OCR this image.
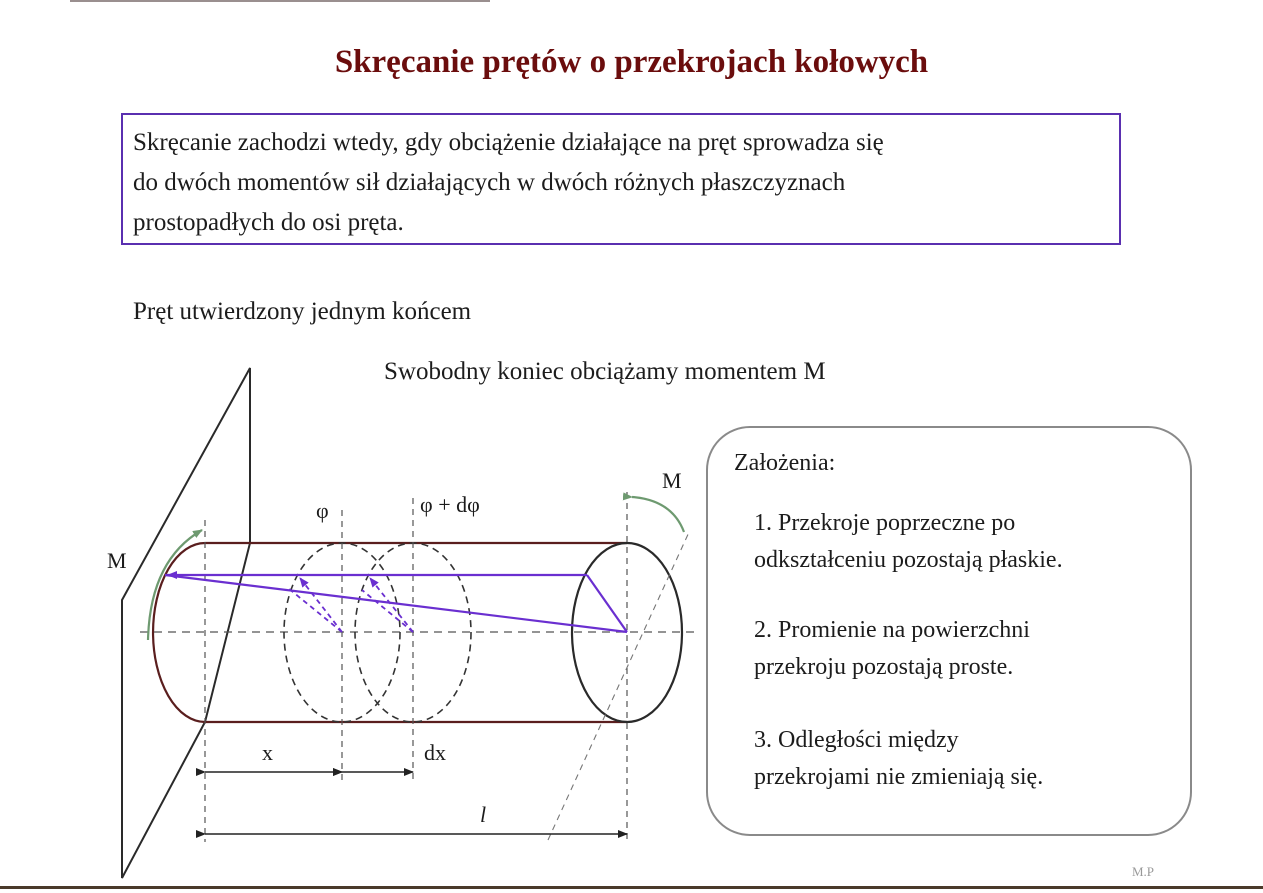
Skręcanie prętów o przekrojach kołowych
Skręcanie zachodzi wtedy, gdy obciążenie działające na pręt sprowadza się
do dwóch momentów sił działających w dwóch różnych płaszczyznach
prostopadłych do osi pręta.
Pręt utwierdzony jednym końcem
Swobodny koniec obciążamy momentem M
M
M
φ	φ + dφ
x	dx
l
Założenia:
1. Przekroje poprzeczne po
odkształceniu pozostają płaskie.
2. Promienie na powierzchni
przekroju pozostają proste.
3. Odległości między
przekrojami nie zmieniają się.
M.P
